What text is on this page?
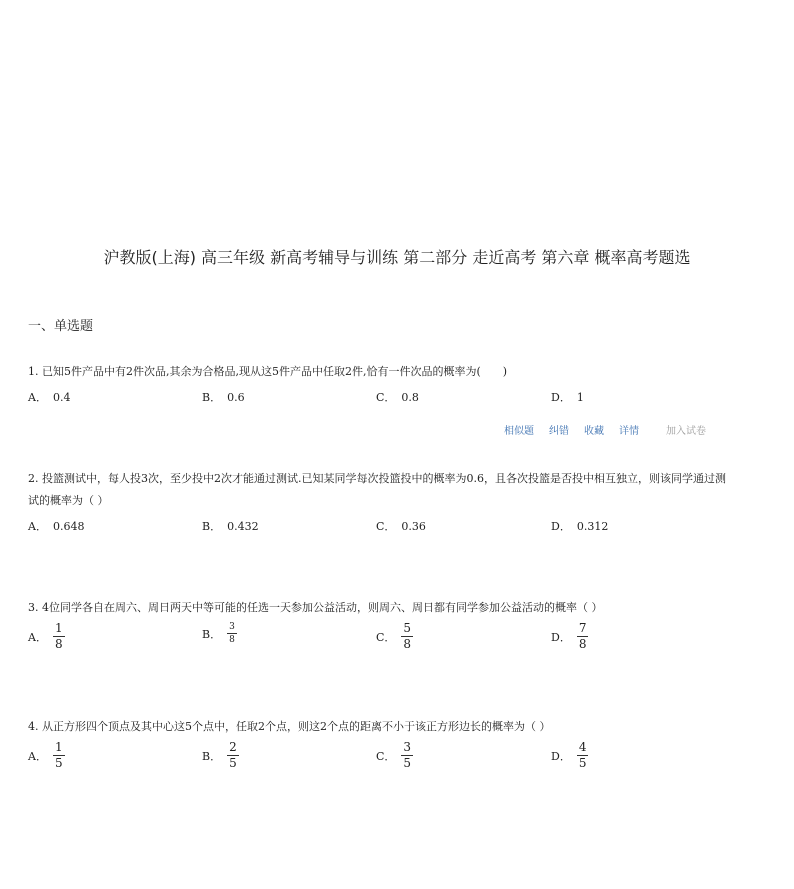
沪教版(上海) 高三年级 新高考辅导与训练 第二部分 走近高考 第六章 概率高考题选
一、单选题
1. 已知5件产品中有2件次品,其余为合格品,现从这5件产品中任取2件,恰有一件次品的概率为(　　)
A． 0.4	B． 0.6	C． 0.8	D． 1
相似题 纠错 收藏 详情	加入试卷
2. 投篮测试中，每人投3次，至少投中2次才能通过测试.已知某同学每次投篮投中的概率为0.6，且各次投篮是否投中相互独立，则该同学通过测试的概率为（ ）
A． 0.648	B． 0.432	C． 0.36	D． 0.312
3. 4位同学各自在周六、周日两天中等可能的任选一天参加公益活动，则周六、周日都有同学参加公益活动的概率（ ）
A． $\frac{1}{8}$	B． $\frac{3}{8}$	C． $\frac{5}{8}$	D． $\frac{7}{8}$
4. 从正方形四个顶点及其中心这5个点中，任取2个点，则这2个点的距离不小于该正方形边长的概率为（ ）
A． $\frac{1}{5}$	B． $\frac{2}{5}$	C． $\frac{3}{5}$	D． $\frac{4}{5}$
